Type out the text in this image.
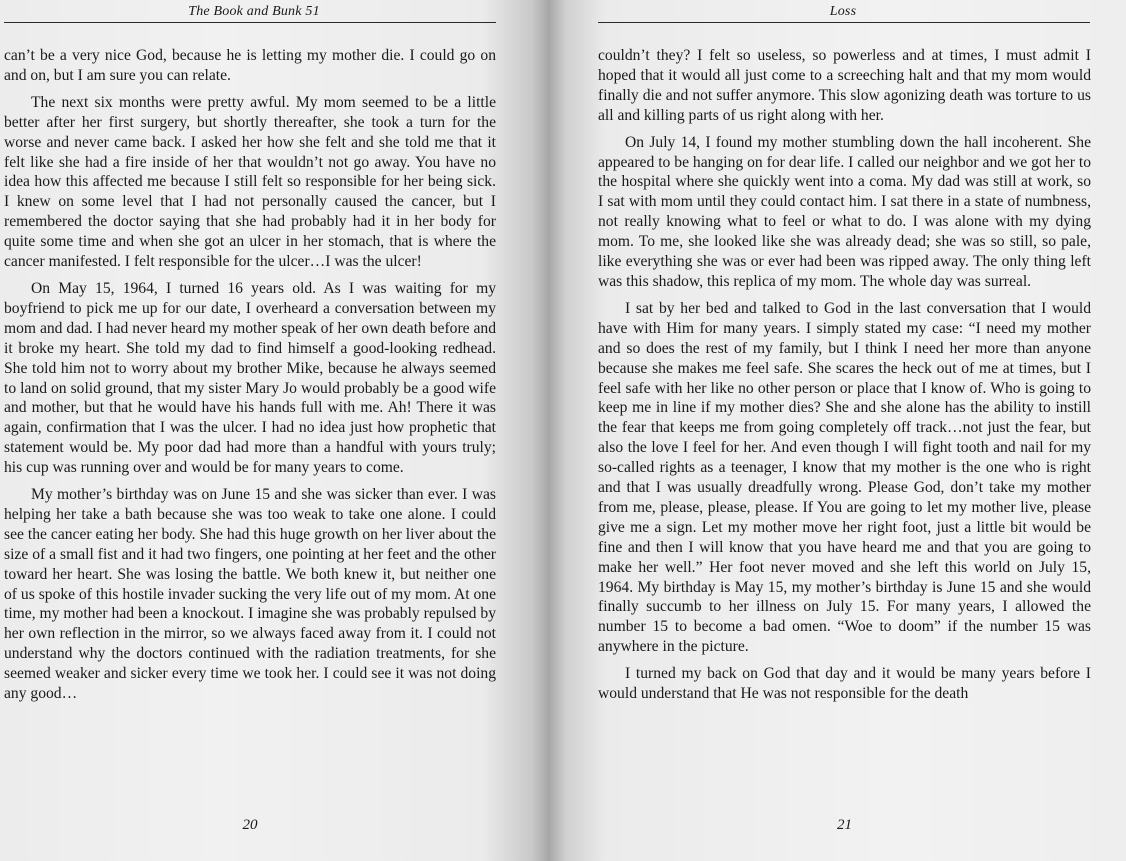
The Book and Bunk 51

can’t be a very nice God, because he is letting my mother die. I could go on and on, but I am sure you can relate.

The next six months were pretty awful. My mom seemed to be a little better after her first surgery, but shortly thereafter, she took a turn for the worse and never came back. I asked her how she felt and she told me that it felt like she had a fire inside of her that wouldn’t not go away. You have no idea how this affected me because I still felt so responsible for her being sick. I knew on some level that I had not personally caused the cancer, but I remembered the doctor saying that she had probably had it in her body for quite some time and when she got an ulcer in her stomach, that is where the cancer manifested. I felt responsible for the ulcer…I was the ulcer!

On May 15, 1964, I turned 16 years old. As I was waiting for my boyfriend to pick me up for our date, I overheard a conversation between my mom and dad. I had never heard my mother speak of her own death before and it broke my heart. She told my dad to find himself a good-looking redhead. She told him not to worry about my brother Mike, because he always seemed to land on solid ground, that my sister Mary Jo would probably be a good wife and mother, but that he would have his hands full with me. Ah! There it was again, confirmation that I was the ulcer. I had no idea just how prophetic that statement would be. My poor dad had more than a handful with yours truly; his cup was running over and would be for many years to come.

My mother’s birthday was on June 15 and she was sicker than ever. I was helping her take a bath because she was too weak to take one alone. I could see the cancer eating her body. She had this huge growth on her liver about the size of a small fist and it had two fingers, one pointing at her feet and the other toward her heart. She was losing the battle. We both knew it, but neither one of us spoke of this hostile invader sucking the very life out of my mom. At one time, my mother had been a knockout. I imagine she was probably repulsed by her own reflection in the mirror, so we always faced away from it. I could not understand why the doctors continued with the radiation treatments, for she seemed weaker and sicker every time we took her. I could see it was not doing any good…

20
Loss

couldn’t they? I felt so useless, so powerless and at times, I must admit I hoped that it would all just come to a screeching halt and that my mom would finally die and not suffer anymore. This slow agonizing death was torture to us all and killing parts of us right along with her.

On July 14, I found my mother stumbling down the hall incoherent. She appeared to be hanging on for dear life. I called our neighbor and we got her to the hospital where she quickly went into a coma. My dad was still at work, so I sat with mom until they could contact him. I sat there in a state of numbness, not really knowing what to feel or what to do. I was alone with my dying mom. To me, she looked like she was already dead; she was so still, so pale, like everything she was or ever had been was ripped away. The only thing left was this shadow, this replica of my mom. The whole day was surreal.

I sat by her bed and talked to God in the last conversation that I would have with Him for many years. I simply stated my case: “I need my mother and so does the rest of my family, but I think I need her more than anyone because she makes me feel safe. She scares the heck out of me at times, but I feel safe with her like no other person or place that I know of. Who is going to keep me in line if my mother dies? She and she alone has the ability to instill the fear that keeps me from going completely off track…not just the fear, but also the love I feel for her. And even though I will fight tooth and nail for my so-called rights as a teenager, I know that my mother is the one who is right and that I was usually dreadfully wrong. Please God, don’t take my mother from me, please, please, please. If You are going to let my mother live, please give me a sign. Let my mother move her right foot, just a little bit would be fine and then I will know that you have heard me and that you are going to make her well.” Her foot never moved and she left this world on July 15, 1964. My birthday is May 15, my mother’s birthday is June 15 and she would finally succumb to her illness on July 15. For many years, I allowed the number 15 to become a bad omen. “Woe to doom” if the number 15 was anywhere in the picture.

I turned my back on God that day and it would be many years before I would understand that He was not responsible for the death

21
